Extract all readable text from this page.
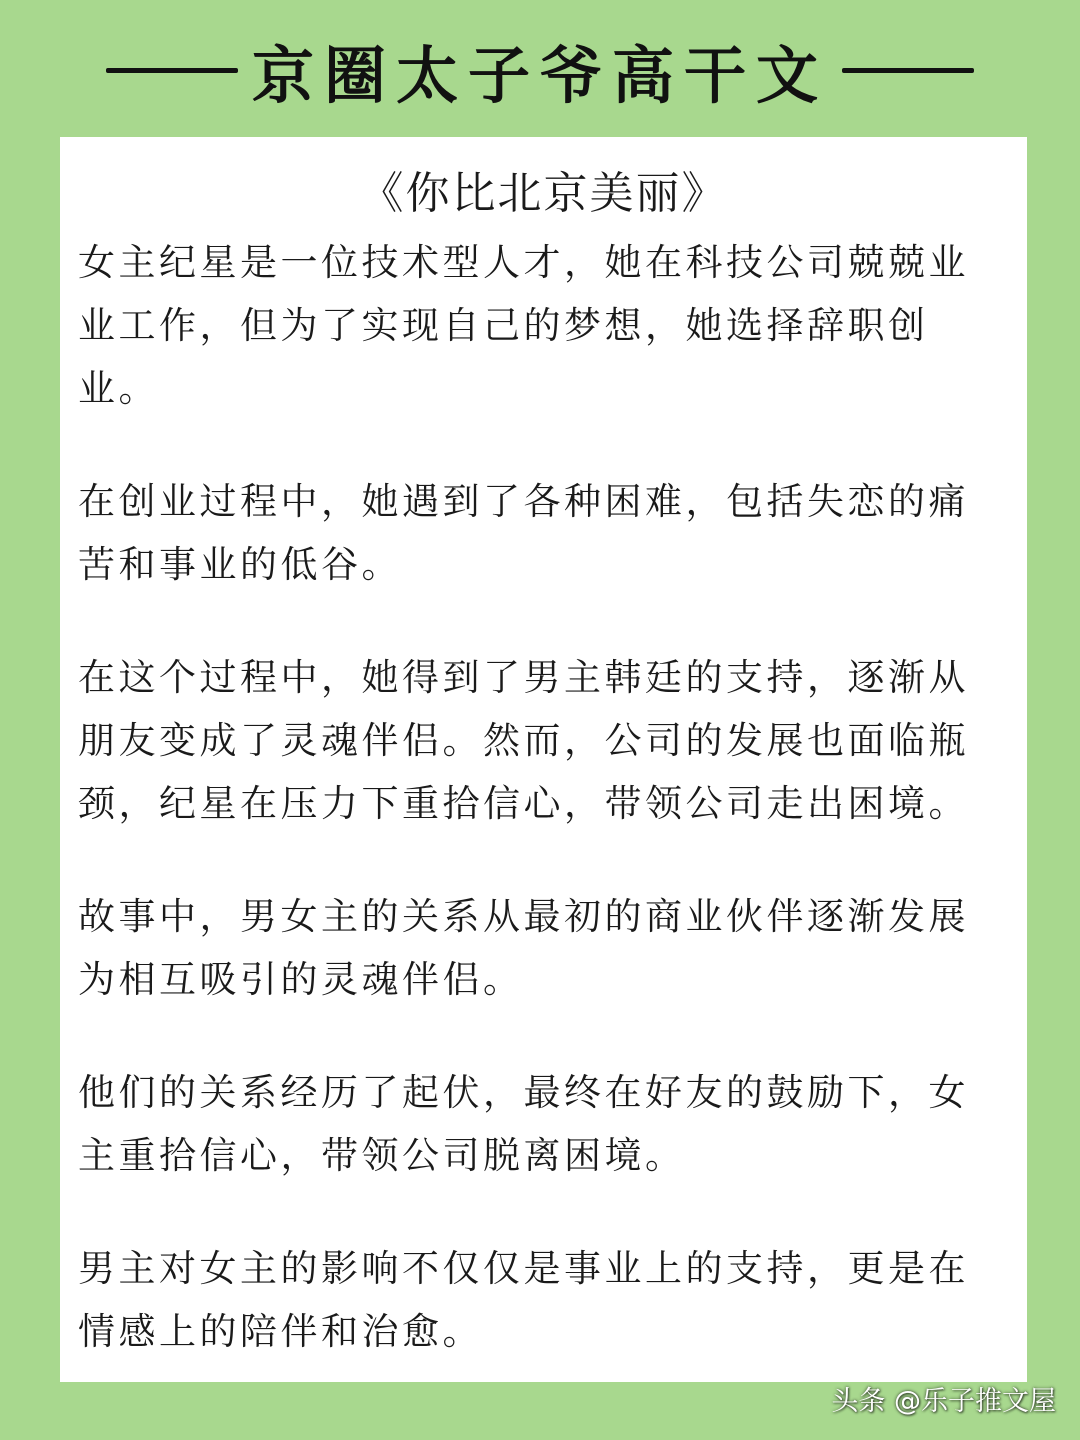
京圈太子爷高干文
《你比北京美丽》

女主纪星是一位技术型人才，她在科技公司兢兢业业工作，但为了实现自己的梦想，她选择辞职创业。

在创业过程中，她遇到了各种困难，包括失恋的痛苦和事业的低谷。

在这个过程中，她得到了男主韩廷的支持，逐渐从朋友变成了灵魂伴侣。然而，公司的发展也面临瓶颈，纪星在压力下重拾信心，带领公司走出困境。

故事中，男女主的关系从最初的商业伙伴逐渐发展为相互吸引的灵魂伴侣。

他们的关系经历了起伏，最终在好友的鼓励下，女主重拾信心，带领公司脱离困境。

男主对女主的影响不仅仅是事业上的支持，更是在情感上的陪伴和治愈。

头条 @乐子推文屋
